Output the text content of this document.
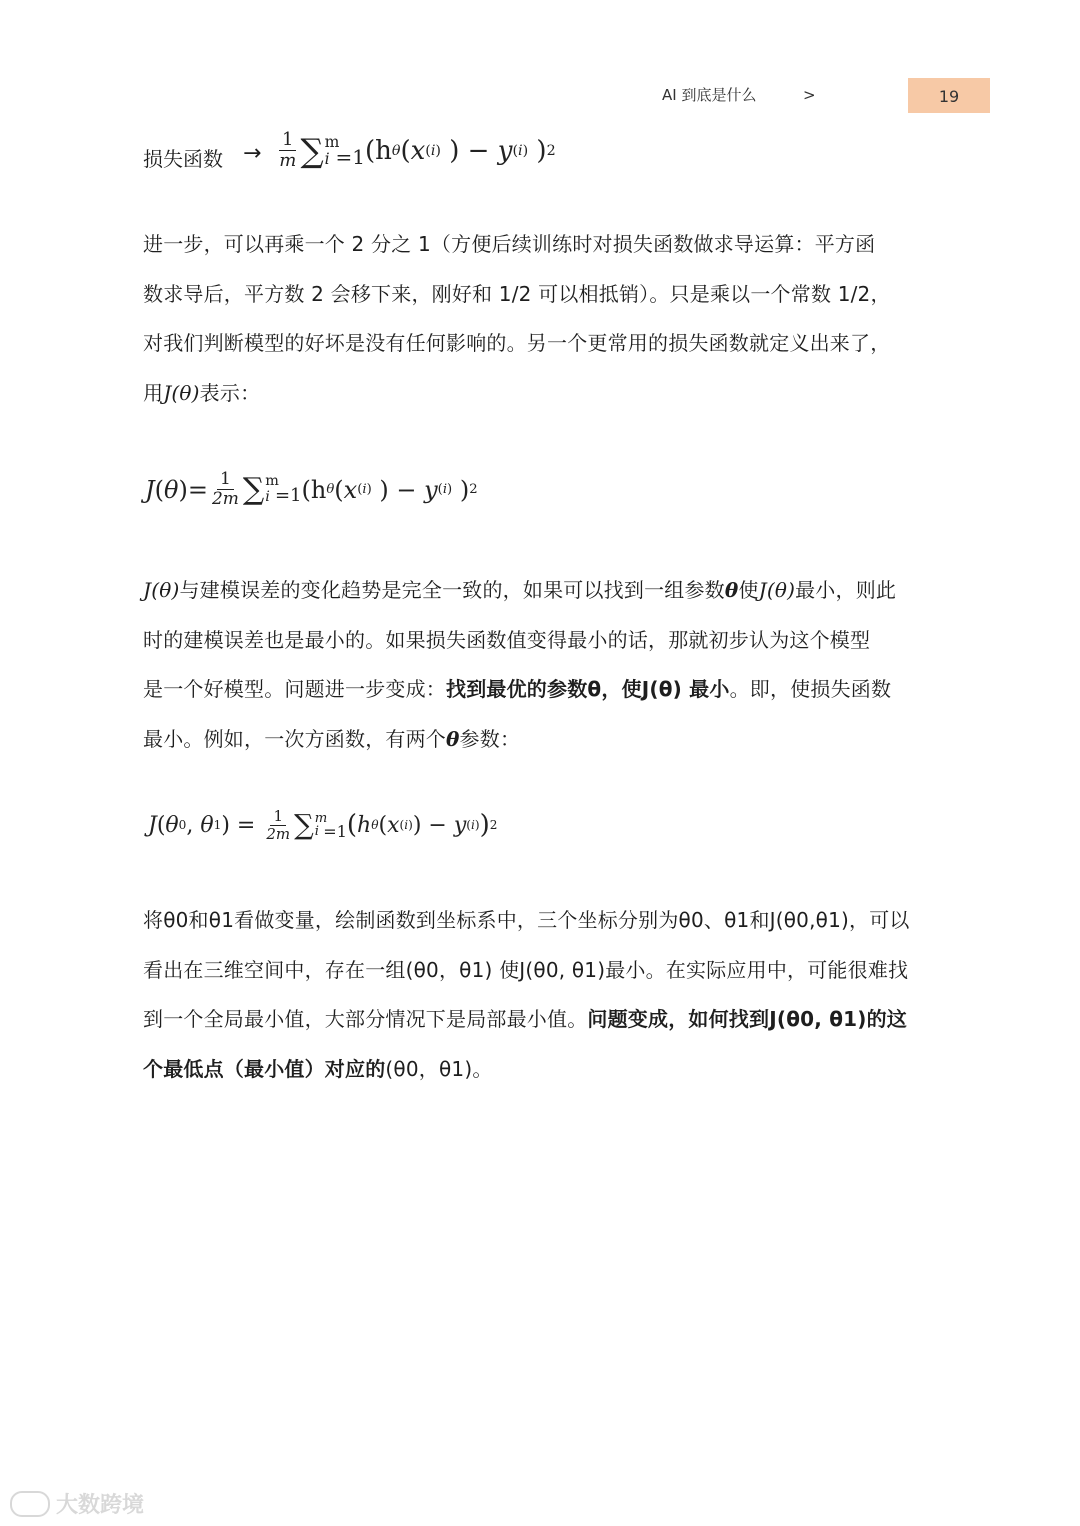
AI 到底是什么	>	19
损失函数 → $\frac{1}{m}$ ∑ m
i =1 (h θ ( x (i) ) − y (i) ) 2
进一步，可以再乘一个 2 分之 1（方便后续训练时对损失函数做求导运算：平方函
数求导后，平方数 2 会移下来，刚好和 1/2 可以相抵销）。只是乘以一个常数 1/2，
对我们判断模型的好坏是没有任何影响的。另一个更常用的损失函数就定义出来了，
用J(θ)表示：
J ( θ )= $\frac{1}{2m}$ ∑ m
i =1 (h θ ( x (i) ) − y (i) ) 2
J(θ)与建模误差的变化趋势是完全一致的，如果可以找到一组参数θ使J(θ)最小，则此
时的建模误差也是最小的。如果损失函数值变得最小的话，那就初步认为这个模型
是一个好模型。问题进一步变成：找到最优的参数θ，使J(θ) 最小。即，使损失函数
最小。例如，一次方函数，有两个θ参数：
J ( θ 0 , θ 1 ) = $\frac{1}{2m}$ ∑ m
i =1 ( h θ ( x (i) ) − y (i) ) 2
将θ0和θ1看做变量，绘制函数到坐标系中，三个坐标分别为θ0、θ1和J(θ0,θ1)，可以
看出在三维空间中，存在一组(θ0，θ1) 使J(θ0, θ1)最小。在实际应用中，可能很难找
到一个全局最小值，大部分情况下是局部最小值。问题变成，如何找到J(θ0, θ1)的这
个最低点（最小值）对应的(θ0，θ1)。
大数跨境
